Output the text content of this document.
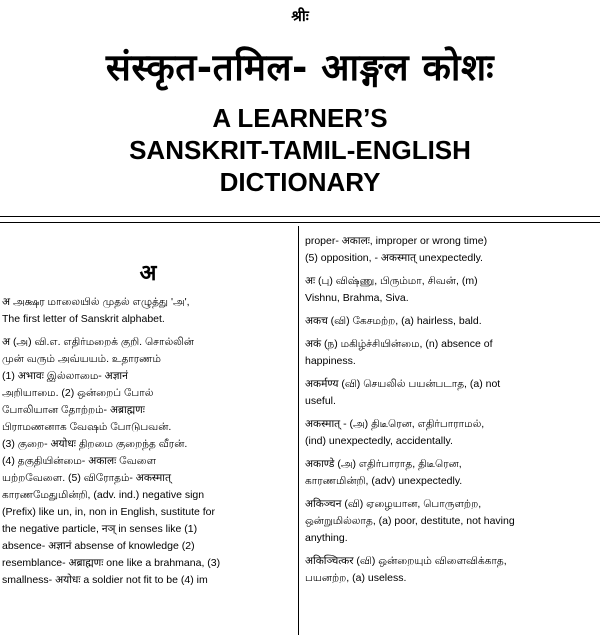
श्रीः
संस्कृत-तमिल- आङ्गल कोशः
A LEARNER’S
SANSKRIT-TAMIL-ENGLISH
DICTIONARY
अ
अ அக்ஷர மாலையில் முதல் எழுத்து 'அ',
The first letter of Sanskrit alphabet.
अ (அ) வி.எ. எதிர்மறைக் குறி. சொல்லின்
முன் வரும் அவ்யயம். உதாரணம்
(1) अभावः இல்லாமை- अज्ञानं
அறியாமை. (2) ஒன்றைப் போல்
போலியான தோற்றம்- अब्राह्मणः
பிராமணனாக வேஷம் போடுபவன்.
(3) குறை- अयोधः திறமை குறைந்த வீரன்.
(4) தகுதியின்மை- अकालः வேளை
யற்றவேளை. (5) விரோதம்- अकस्मात्
காரணமேதுமின்றி, (adv. ind.) negative sign
(Prefix) like un, in, non in English, sustitute for
the negative particle, नञ् in senses like (1)
absence- अज्ञानं absense of knowledge (2)
resemblance- अब्राह्मणः one like a brahmana, (3)
smallness- अयोधः a soldier not fit to be (4) im
proper- अकालः, improper or wrong time)
(5) opposition, - अकस्मात् unexpectedly.
अः (பு) விஷ்ணு, பிரும்மா, சிவன், (m)
Vishnu, Brahma, Siva.
अकच (வி) கேசமற்ற, (a) hairless, bald.
अकं (ந) மகிழ்ச்சியின்மை, (n) absence of
happiness.
अकर्मण्य (வி) செயலில் பயன்படாத, (a) not
useful.
अकस्मात् - (அ) திடீரென, எதிர்பாராமல்,
(ind) unexpectedly, accidentally.
अकाण्डे (அ) எதிர்பாராத, திடீரென,
காரணமின்றி, (adv) unexpectedly.
अकिञ्चन (வி) ஏழையான, பொருளற்ற,
ஒன்றுமில்லாத, (a) poor, destitute, not having
anything.
अकिञ्चित्कर (வி) ஒன்றையும் விளைவிக்காத,
பயனற்ற, (a) useless.
